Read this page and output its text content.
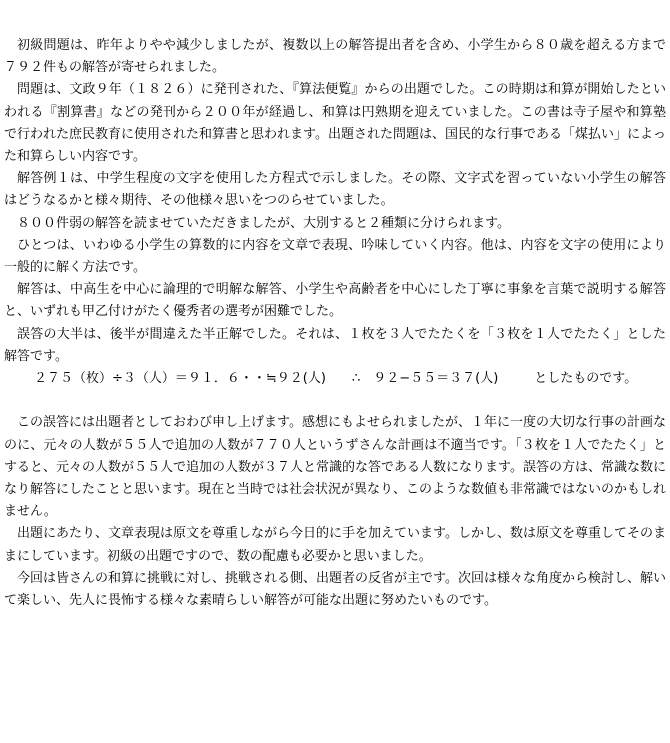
初級問題は、昨年よりやや減少しましたが、複数以上の解答提出者を含め、小学生から８０歳を超える方まで７９２件もの解答が寄せられました。

問題は、文政９年（１８２６）に発刊された、『算法便覧』からの出題でした。この時期は和算が開始したといわれる『割算書』などの発刊から２００年が経過し、和算は円熟期を迎えていました。この書は寺子屋や和算塾で行われた庶民教育に使用された和算書と思われます。出題された問題は、国民的な行事である「煤払い」によった和算らしい内容です。

解答例１は、中学生程度の文字を使用した方程式で示しました。その際、文字式を習っていない小学生の解答はどうなるかと様々期待、その他様々思いをつのらせていました。

８００件弱の解答を読ませていただきましたが、大別すると２種類に分けられます。

ひとつは、いわゆる小学生の算数的に内容を文章で表現、吟味していく内容。他は、内容を文字の使用により一般的に解く方法です。

解答は、中高生を中心に論理的で明解な解答、小学生や高齢者を中心にした丁寧に事象を言葉で説明する解答と、いずれも甲乙付けがたく優秀者の選考が困難でした。

誤答の大半は、後半が間違えた半正解でした。それは、１枚を３人でたたくを「３枚を１人でたたく」とした解答です。

２７５（枚）÷３（人）＝９１．６・・≒９２(人) ∴　９２−５５＝３７(人)	としたものです。

この誤答には出題者としておわび申し上げます。感想にもよせられましたが、１年に一度の大切な行事の計画なのに、元々の人数が５５人で追加の人数が７７０人というずさんな計画は不適当です。「３枚を１人でたたく」とすると、元々の人数が５５人で追加の人数が３７人と常識的な答である人数になります。誤答の方は、常識な数になり解答にしたことと思います。現在と当時では社会状況が異なり、このような数値も非常識ではないのかもしれません。

出題にあたり、文章表現は原文を尊重しながら今日的に手を加えています。しかし、数は原文を尊重してそのままにしています。初級の出題ですので、数の配慮も必要かと思いました。

今回は皆さんの和算に挑戦に対し、挑戦される側、出題者の反省が主です。次回は様々な角度から検討し、解いて楽しい、先人に畏怖する様々な素晴らしい解答が可能な出題に努めたいものです。
